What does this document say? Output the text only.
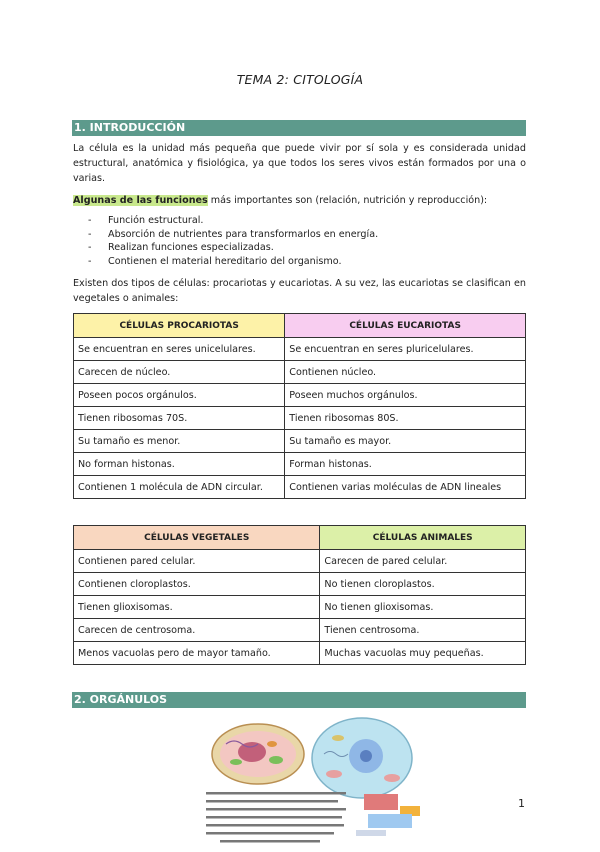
TEMA 2: CITOLOGÍA
1. INTRODUCCIÓN
La célula es la unidad más pequeña que puede vivir por sí sola y es considerada unidad estructural, anatómica y fisiológica, ya que todos los seres vivos están formados por una o varias.
Algunas de las funciones más importantes son (relación, nutrición y reproducción):
- Función estructural.
- Absorción de nutrientes para transformarlos en energía.
- Realizan funciones especializadas.
- Contienen el material hereditario del organismo.
Existen dos tipos de células: procariotas y eucariotas. A su vez, las eucariotas se clasifican en vegetales o animales:
CÉLULAS PROCARIOTAS	CÉLULAS EUCARIOTAS
Se encuentran en seres unicelulares.	Se encuentran en seres pluricelulares.
Carecen de núcleo.	Contienen núcleo.
Poseen pocos orgánulos.	Poseen muchos orgánulos.
Tienen ribosomas 70S.	Tienen ribosomas 80S.
Su tamaño es menor.	Su tamaño es mayor.
No forman histonas.	Forman histonas.
Contienen 1 molécula de ADN circular.	Contienen varias moléculas de ADN lineales
CÉLULAS VEGETALES	CÉLULAS ANIMALES
Contienen pared celular.	Carecen de pared celular.
Contienen cloroplastos.	No tienen cloroplastos.
Tienen glioxisomas.	No tienen glioxisomas.
Carecen de centrosoma.	Tienen centrosoma.
Menos vacuolas pero de mayor tamaño.	Muchas vacuolas muy pequeñas.
2. ORGÁNULOS
1
